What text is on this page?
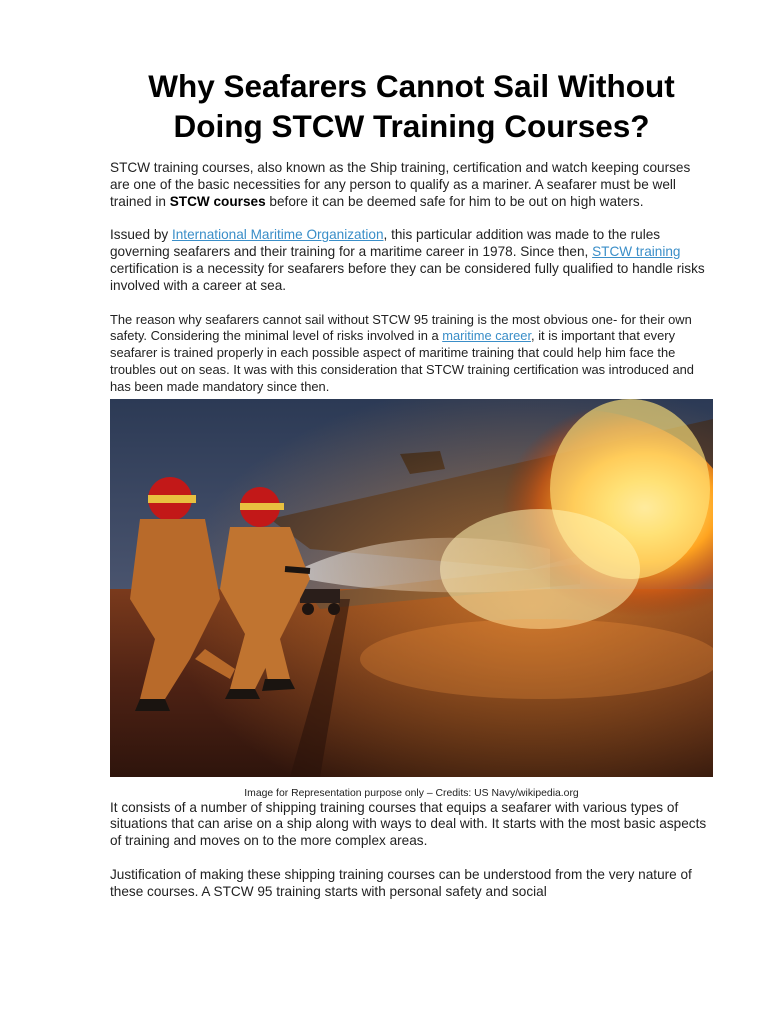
Why Seafarers Cannot Sail Without Doing STCW Training Courses?

STCW training courses, also known as the Ship training, certification and watch keeping courses are one of the basic necessities for any person to qualify as a mariner. A seafarer must be well trained in STCW courses before it can be deemed safe for him to be out on high waters.

Issued by International Maritime Organization, this particular addition was made to the rules governing seafarers and their training for a maritime career in 1978. Since then, STCW training certification is a necessity for seafarers before they can be considered fully qualified to handle risks involved with a career at sea.

The reason why seafarers cannot sail without STCW 95 training is the most obvious one- for their own safety. Considering the minimal level of risks involved in a maritime career, it is important that every seafarer is trained properly in each possible aspect of maritime training that could help him face the troubles out on seas. It was with this consideration that STCW training certification was introduced and has been made mandatory since then.

Image for Representation purpose only – Credits: US Navy/wikipedia.org

It consists of a number of shipping training courses that equips a seafarer with various types of situations that can arise on a ship along with ways to deal with. It starts with the most basic aspects of training and moves on to the more complex areas.

Justification of making these shipping training courses can be understood from the very nature of these courses. A STCW 95 training starts with personal safety and social
